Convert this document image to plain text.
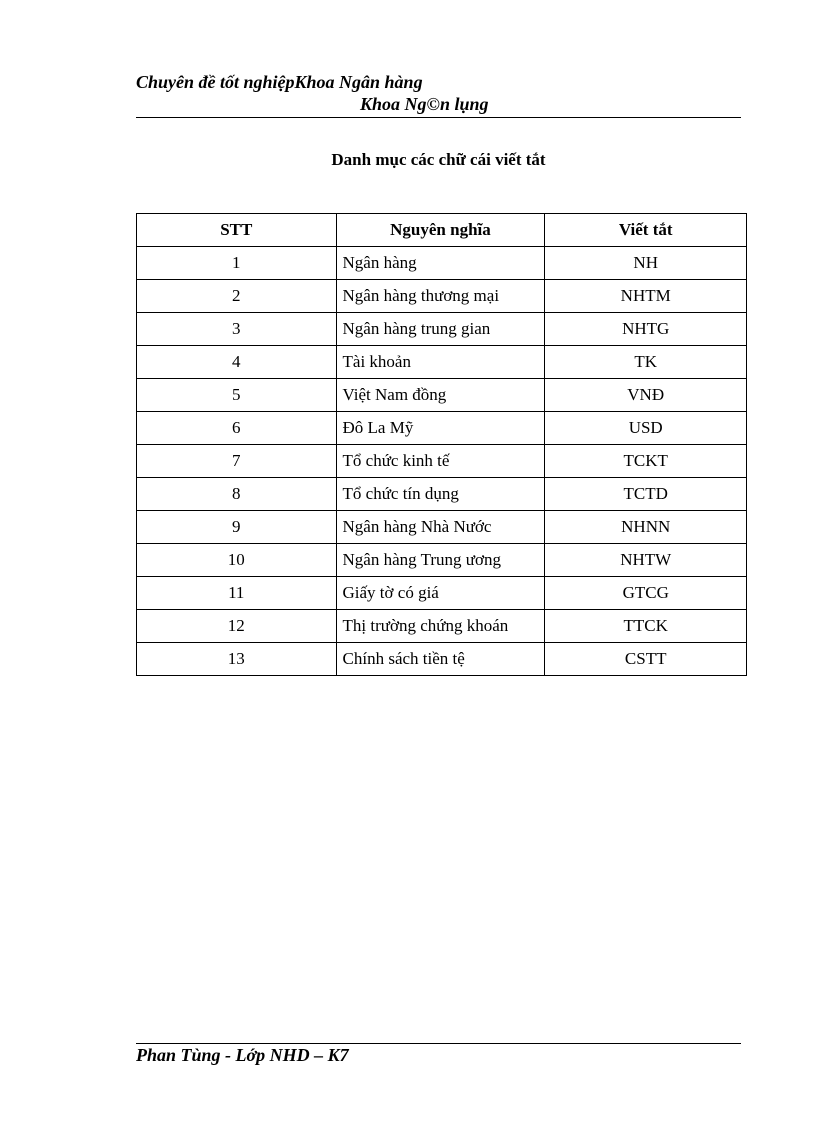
Chuyên đề tốt nghiệpKhoa Ngân hàng
Khoa Ng©n lụng
Danh mục các chữ cái viết tắt
STT	Nguyên nghĩa	Viết tắt
1	Ngân hàng	NH
2	Ngân hàng thương mại	NHTM
3	Ngân hàng trung gian	NHTG
4	Tài khoản	TK
5	Việt Nam đồng	VNĐ
6	Đô La Mỹ	USD
7	Tổ chức kinh tế	TCKT
8	Tổ chức tín dụng	TCTD
9	Ngân hàng Nhà Nước	NHNN
10	Ngân hàng Trung ương	NHTW
11	Giấy tờ có giá	GTCG
12	Thị trường chứng khoán	TTCK
13	Chính sách tiền tệ	CSTT
Phan Tùng - Lớp NHD – K7
